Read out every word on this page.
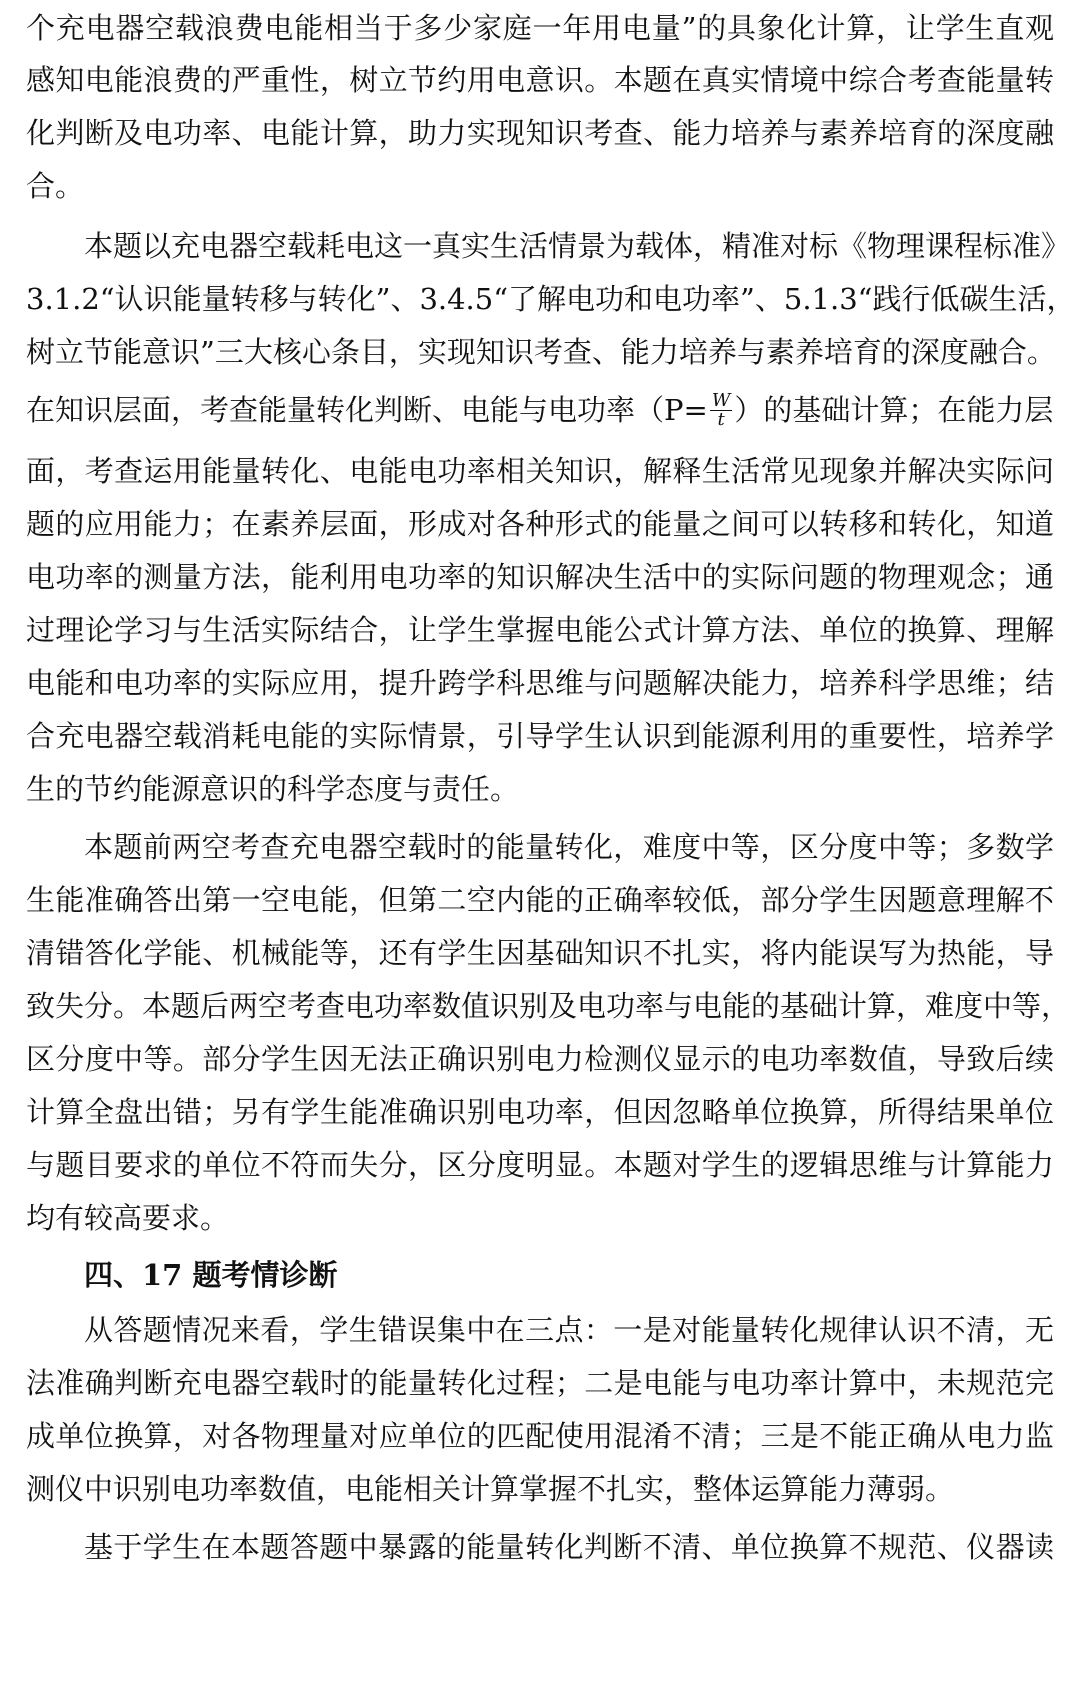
个充电器空载浪费电能相当于多少家庭一年用电量”的具象化计算，让学生直观
感知电能浪费的严重性，树立节约用电意识。本题在真实情境中综合考查能量转
化判断及电功率、电能计算，助力实现知识考查、能力培养与素养培育的深度融
合。
本题以充电器空载耗电这一真实生活情景为载体，精准对标《物理课程标准》
3.1.2“认识能量转移与转化”、3.4.5“了解电功和电功率”、5.1.3“践行低碳生活，
树立节能意识”三大核心条目，实现知识考查、能力培养与素养培育的深度融合。
在知识层面，考查能量转化判断、电能与电功率（$P= \frac{W}{t}$ ）的基础计算；在能力层
面，考查运用能量转化、电能电功率相关知识，解释生活常见现象并解决实际问
题的应用能力；在素养层面，形成对各种形式的能量之间可以转移和转化，知道
电功率的测量方法，能利用电功率的知识解决生活中的实际问题的物理观念；通
过理论学习与生活实际结合，让学生掌握电能公式计算方法、单位的换算、理解
电能和电功率的实际应用，提升跨学科思维与问题解决能力，培养科学思维；结
合充电器空载消耗电能的实际情景，引导学生认识到能源利用的重要性，培养学
生的节约能源意识的科学态度与责任。
本题前两空考查充电器空载时的能量转化，难度中等，区分度中等；多数学
生能准确答出第一空电能，但第二空内能的正确率较低，部分学生因题意理解不
清错答化学能、机械能等，还有学生因基础知识不扎实，将内能误写为热能，导
致失分。本题后两空考查电功率数值识别及电功率与电能的基础计算，难度中等，
区分度中等。部分学生因无法正确识别电力检测仪显示的电功率数值，导致后续
计算全盘出错；另有学生能准确识别电功率，但因忽略单位换算，所得结果单位
与题目要求的单位不符而失分，区分度明显。本题对学生的逻辑思维与计算能力
均有较高要求。
四、17 题考情诊断
从答题情况来看，学生错误集中在三点：一是对能量转化规律认识不清，无
法准确判断充电器空载时的能量转化过程；二是电能与电功率计算中，未规范完
成单位换算，对各物理量对应单位的匹配使用混淆不清；三是不能正确从电力监
测仪中识别电功率数值，电能相关计算掌握不扎实，整体运算能力薄弱。
基于学生在本题答题中暴露的能量转化判断不清、单位换算不规范、仪器读
